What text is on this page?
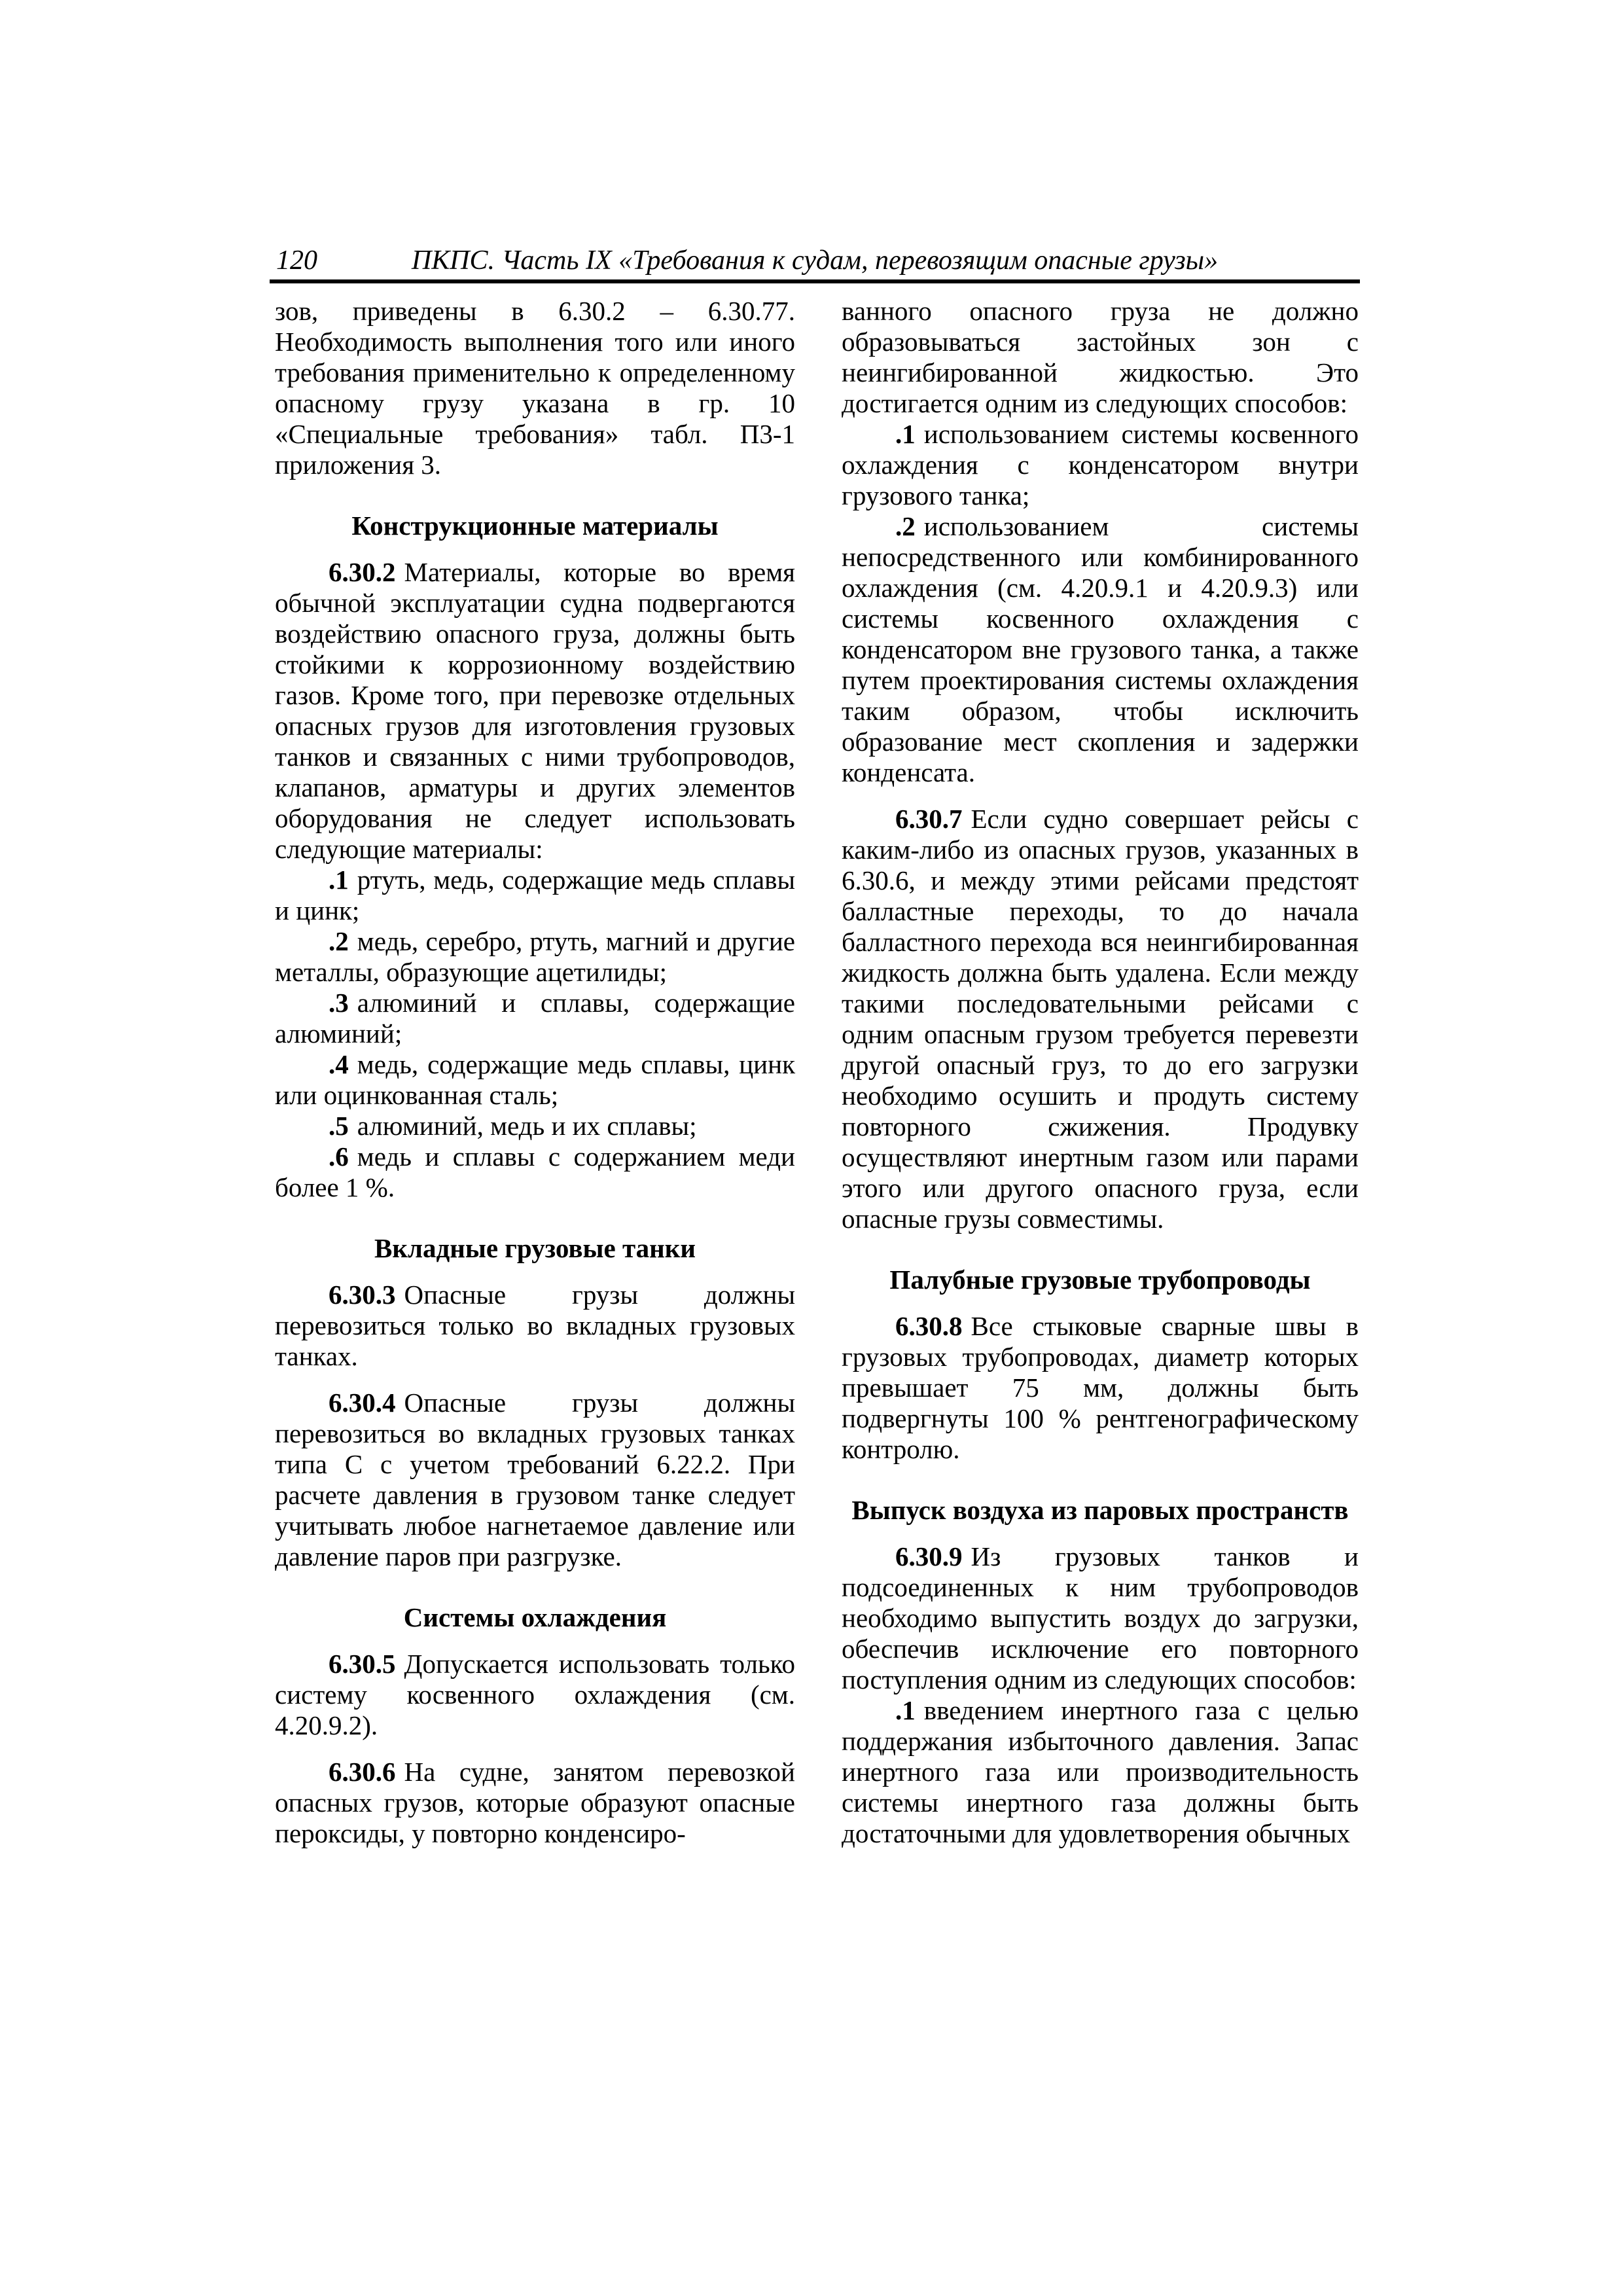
120	ПКПС. Часть IX «Требования к судам, перевозящим опасные грузы»

зов, приведены в 6.30.2 – 6.30.77. Необходимость выполнения того или иного требования применительно к определенному опасному грузу указана в гр. 10 «Специальные требования» табл. П3-1 приложения 3.

Конструкционные материалы

6.30.2 Материалы, которые во время обычной эксплуатации судна подвергаются воздействию опасного груза, должны быть стойкими к коррозионному воздействию газов. Кроме того, при перевозке отдельных опасных грузов для изготовления грузовых танков и связанных с ними трубопроводов, клапанов, арматуры и других элементов оборудования не следует использовать следующие материалы:

.1 ртуть, медь, содержащие медь сплавы и цинк;

.2 медь, серебро, ртуть, магний и другие металлы, образующие ацетилиды;

.3 алюминий и сплавы, содержащие алюминий;

.4 медь, содержащие медь сплавы, цинк или оцинкованная сталь;

.5 алюминий, медь и их сплавы;

.6 медь и сплавы с содержанием меди более 1 %.

Вкладные грузовые танки

6.30.3 Опасные грузы должны перевозиться только во вкладных грузовых танках.

6.30.4 Опасные грузы должны перевозиться во вкладных грузовых танках типа С с учетом требований 6.22.2. При расчете давления в грузовом танке следует учитывать любое нагнетаемое давление или давление паров при разгрузке.

Системы охлаждения

6.30.5 Допускается использовать только систему косвенного охлаждения (см. 4.20.9.2).

6.30.6 На судне, занятом перевозкой опасных грузов, которые образуют опасные пероксиды, у повторно конденсиро-

ванного опасного груза не должно образовываться застойных зон с неингибированной жидкостью. Это достигается одним из следующих способов:

.1 использованием системы косвенного охлаждения с конденсатором внутри грузового танка;

.2 использованием системы непосредственного или комбинированного охлаждения (см. 4.20.9.1 и 4.20.9.3) или системы косвенного охлаждения с конденсатором вне грузового танка, а также путем проектирования системы охлаждения таким образом, чтобы исключить образование мест скопления и задержки конденсата.

6.30.7 Если судно совершает рейсы с каким-либо из опасных грузов, указанных в 6.30.6, и между этими рейсами предстоят балластные переходы, то до начала балластного перехода вся неингибированная жидкость должна быть удалена. Если между такими последовательными рейсами с одним опасным грузом требуется перевезти другой опасный груз, то до его загрузки необходимо осушить и продуть систему повторного сжижения. Продувку осуществляют инертным газом или парами этого или другого опасного груза, если опасные грузы совместимы.

Палубные грузовые трубопроводы

6.30.8 Все стыковые сварные швы в грузовых трубопроводах, диаметр которых превышает 75 мм, должны быть подвергнуты 100 % рентгенографическому контролю.

Выпуск воздуха из паровых пространств

6.30.9 Из грузовых танков и подсоединенных к ним трубопроводов необходимо выпустить воздух до загрузки, обеспечив исключение его повторного поступления одним из следующих способов:

.1 введением инертного газа с целью поддержания избыточного давления. Запас инертного газа или производительность системы инертного газа должны быть достаточными для удовлетворения обычных
